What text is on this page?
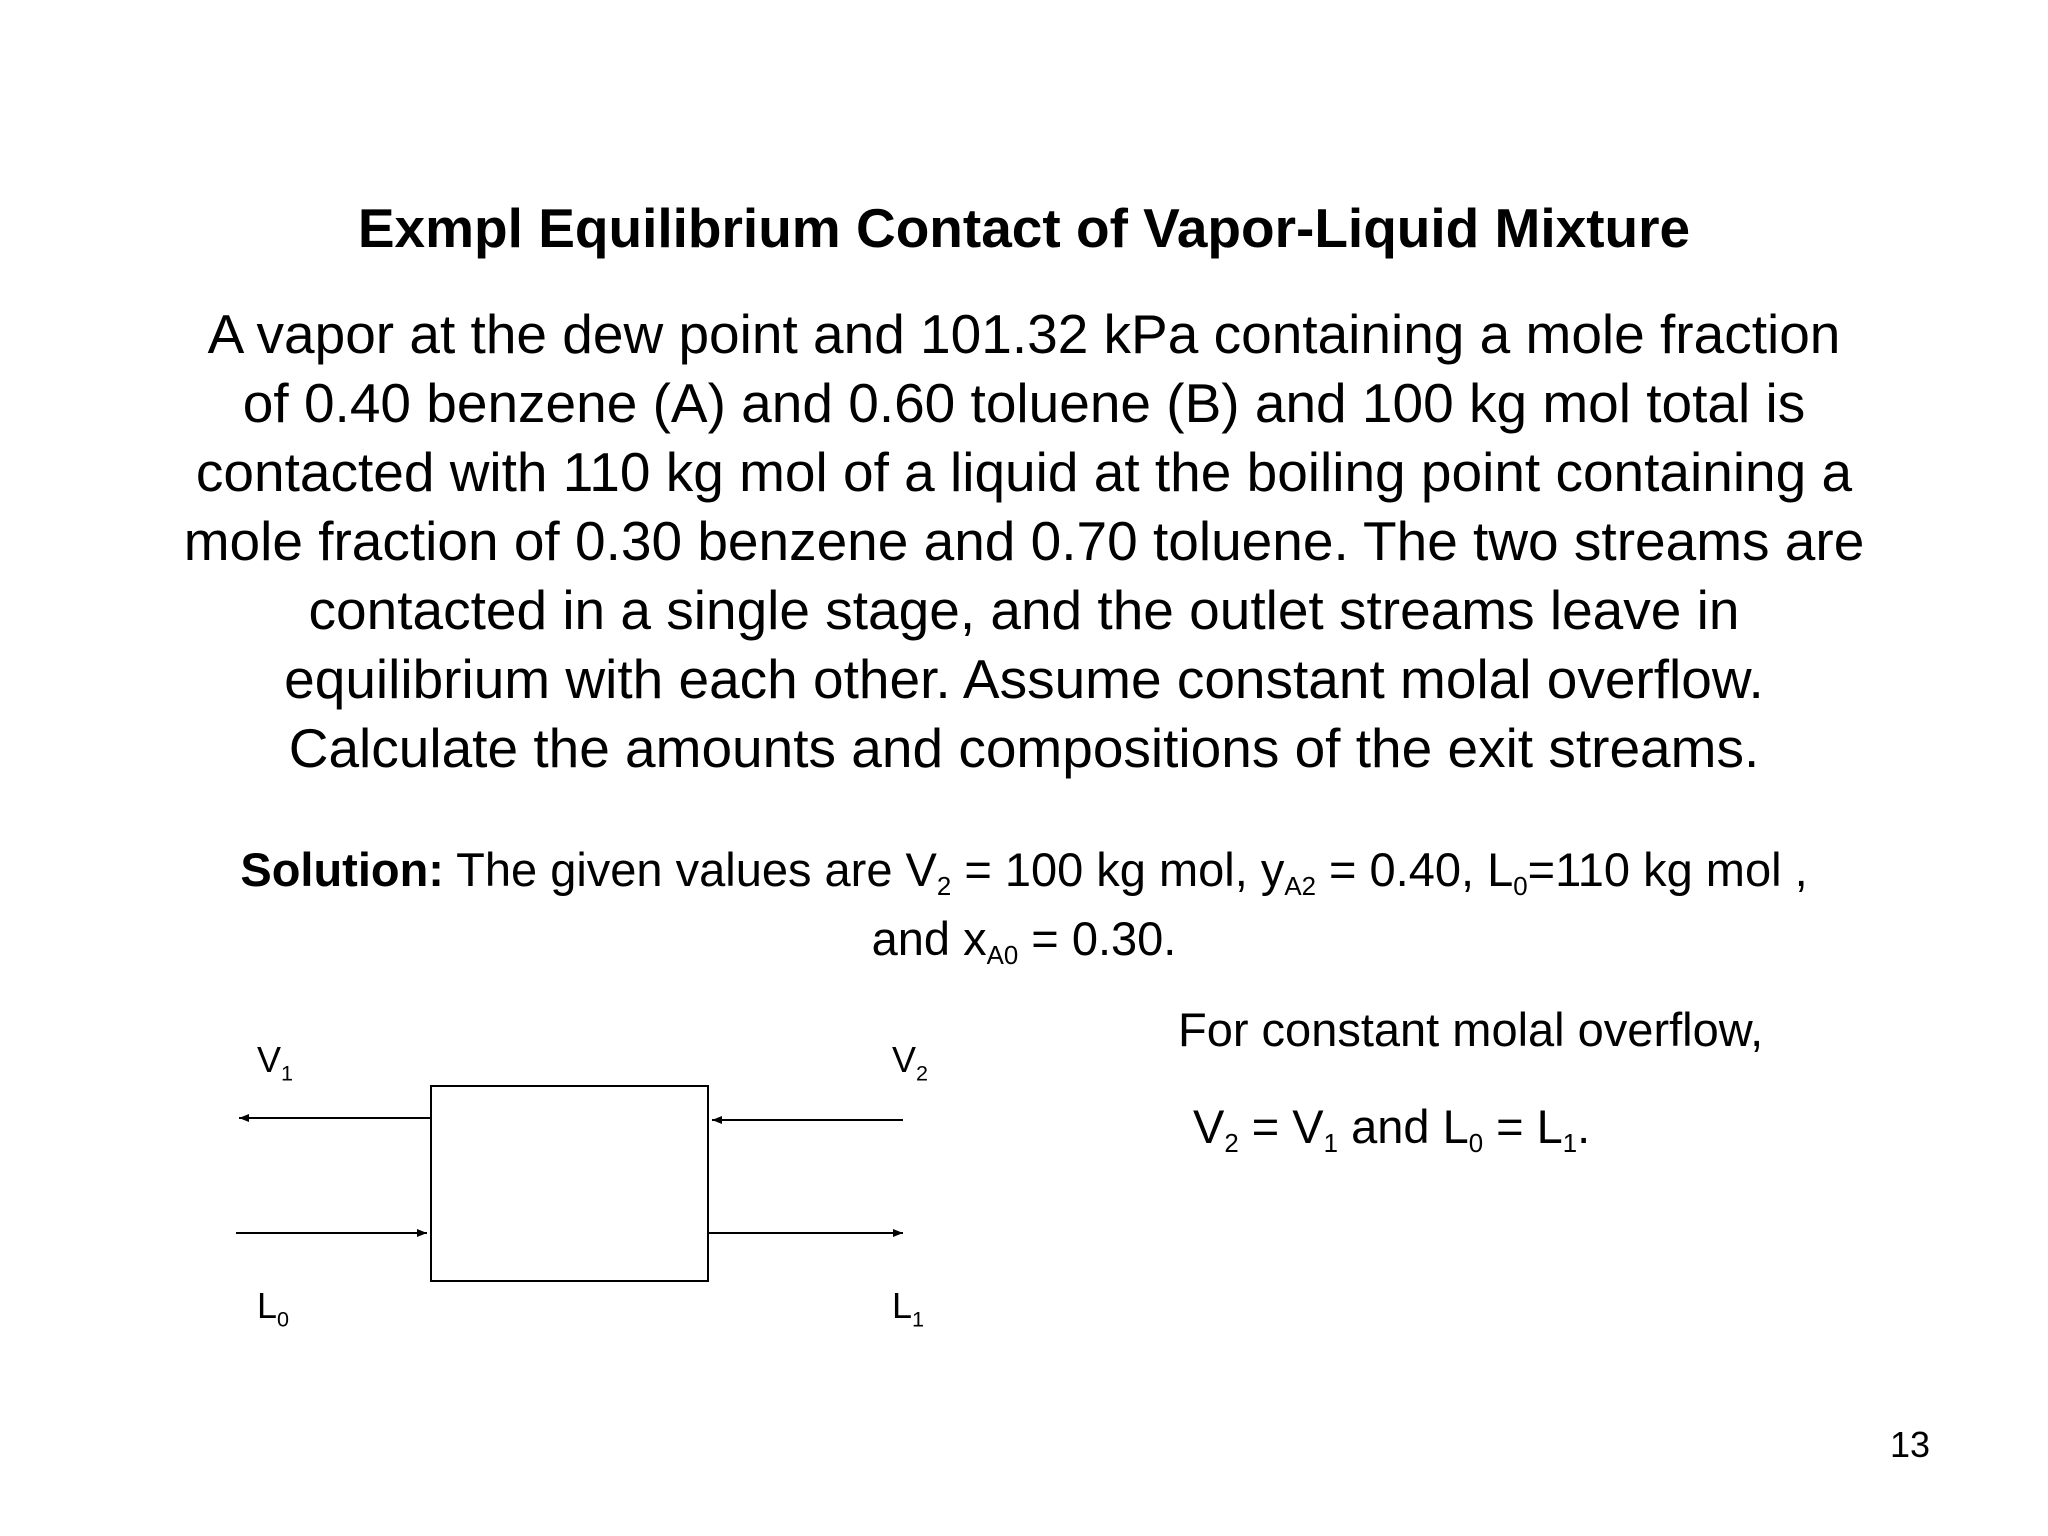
Exmpl Equilibrium Contact of Vapor-Liquid Mixture
A vapor at the dew point and 101.32 kPa containing a mole fraction
of 0.40 benzene (A) and 0.60 toluene (B) and 100 kg mol total is
contacted with 110 kg mol of a liquid at the boiling point containing a
mole fraction of 0.30 benzene and 0.70 toluene. The two streams are
contacted in a single stage, and the outlet streams leave in
equilibrium with each other. Assume constant molal overflow.
Calculate the amounts and compositions of the exit streams.

Solution: The given values are $V_2 = 100$ kg mol, $y_{A2} = 0.40$, $L_0=110$ kg mol , and $x_{A0} = 0.30$.

$V_1$	$V_2$
$L_0$	$L_1$

For constant molal overflow,

$V_2 = V_1$ and $L_0 = L_1$.

13
